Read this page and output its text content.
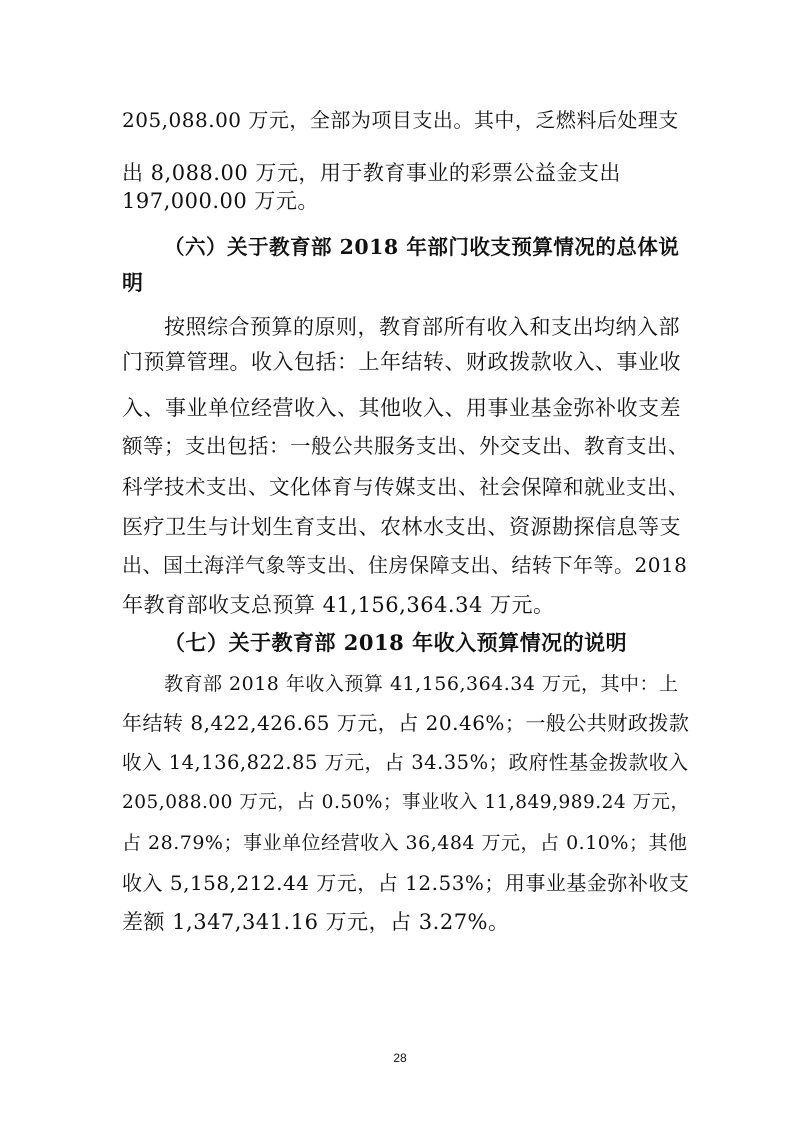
205,088.00 万元，全部为项目支出。其中，乏燃料后处理支
出 8,088.00 万元，用于教育事业的彩票公益金支出
197,000.00 万元。
（六）关于教育部 2018 年部门收支预算情况的总体说
明
按照综合预算的原则，教育部所有收入和支出均纳入部
门预算管理。收入包括：上年结转、财政拨款收入、事业收
入、事业单位经营收入、其他收入、用事业基金弥补收支差
额等；支出包括：一般公共服务支出、外交支出、教育支出、
科学技术支出、文化体育与传媒支出、社会保障和就业支出、
医疗卫生与计划生育支出、农林水支出、资源勘探信息等支
出、国土海洋气象等支出、住房保障支出、结转下年等。2018
年教育部收支总预算 41,156,364.34 万元。
（七）关于教育部 2018 年收入预算情况的说明
教育部 2018 年收入预算 41,156,364.34 万元，其中：上
年结转 8,422,426.65 万元，占 20.46%；一般公共财政拨款
收入 14,136,822.85 万元，占 34.35%；政府性基金拨款收入
205,088.00 万元，占 0.50%；事业收入 11,849,989.24 万元，
占 28.79%；事业单位经营收入 36,484 万元，占 0.10%；其他
收入 5,158,212.44 万元，占 12.53%；用事业基金弥补收支
差额 1,347,341.16 万元，占 3.27%。
28
